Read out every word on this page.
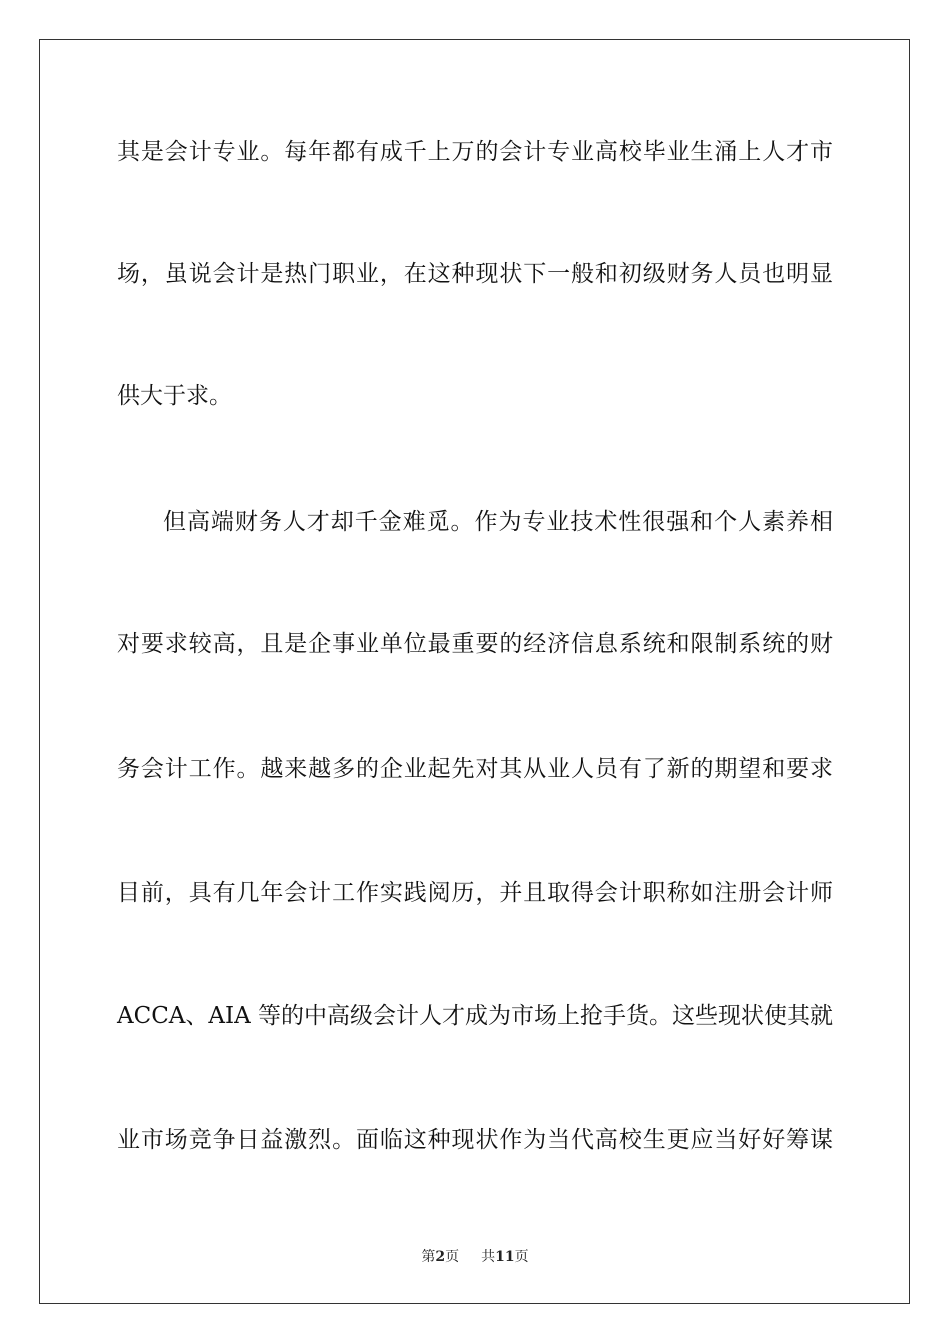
其是会计专业。每年都有成千上万的会计专业高校毕业生涌上人才市
场，虽说会计是热门职业，在这种现状下一般和初级财务人员也明显
供大于求。
但高端财务人才却千金难觅。作为专业技术性很强和个人素养相
对要求较高，且是企事业单位最重要的经济信息系统和限制系统的财
务会计工作。越来越多的企业起先对其从业人员有了新的期望和要求
目前，具有几年会计工作实践阅历，并且取得会计职称如注册会计师
ACCA、AIA 等的中高级会计人才成为市场上抢手货。这些现状使其就
业市场竞争日益激烈。面临这种现状作为当代高校生更应当好好筹谋
第2页 共11页
